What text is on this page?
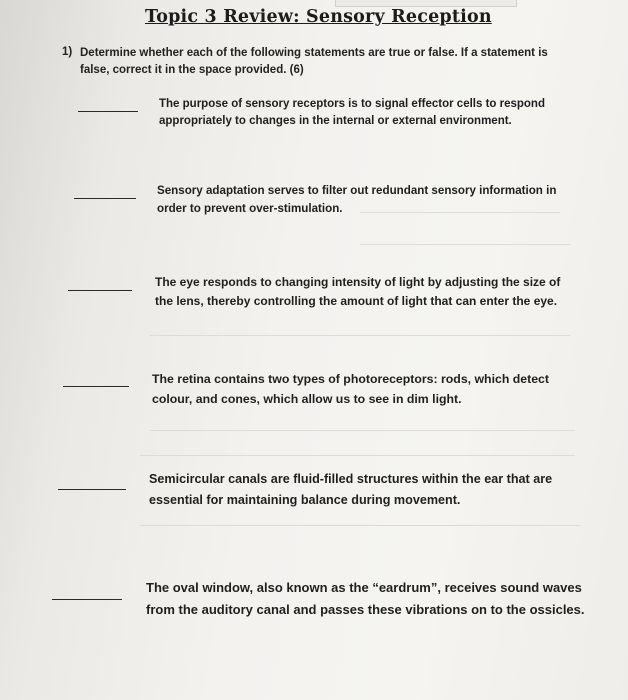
Topic 3 Review: Sensory Reception
1) Determine whether each of the following statements are true or false. If a statement is false, correct it in the space provided. (6)
The purpose of sensory receptors is to signal effector cells to respond appropriately to changes in the internal or external environment.
Sensory adaptation serves to filter out redundant sensory information in order to prevent over-stimulation.
The eye responds to changing intensity of light by adjusting the size of the lens, thereby controlling the amount of light that can enter the eye.
The retina contains two types of photoreceptors: rods, which detect colour, and cones, which allow us to see in dim light.
Semicircular canals are fluid-filled structures within the ear that are essential for maintaining balance during movement.
The oval window, also known as the “eardrum”, receives sound waves from the auditory canal and passes these vibrations on to the ossicles.
